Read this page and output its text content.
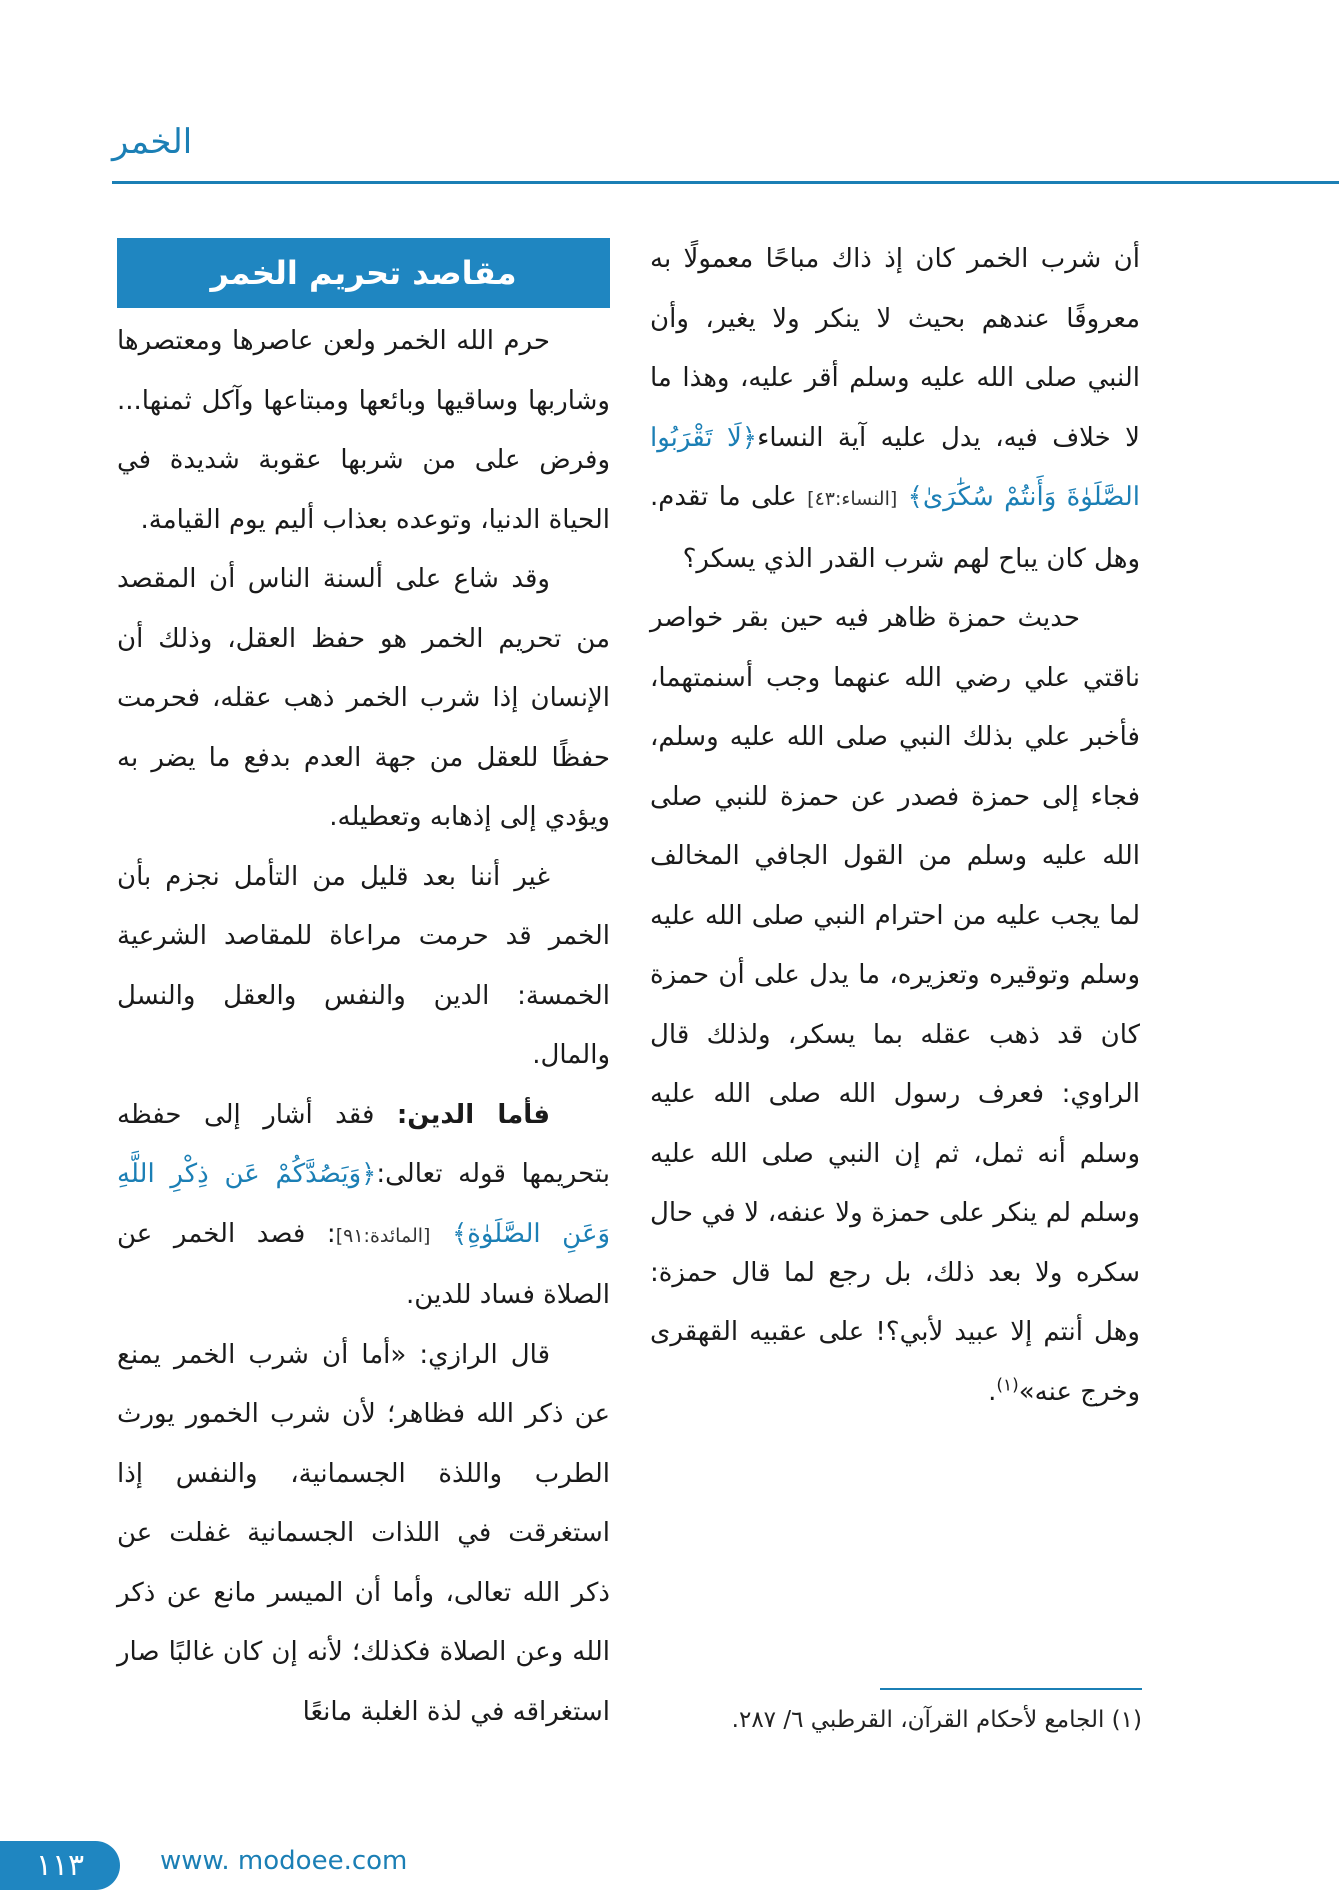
الخمر

أن شرب الخمر كان إذ ذاك مباحًا معمولًا به معروفًا عندهم بحيث لا ينكر ولا يغير، وأن النبي صلى الله عليه وسلم أقر عليه، وهذا ما لا خلاف فيه، يدل عليه آية النساء﴿لَا تَقْرَبُوا الصَّلَوٰةَ وَأَنتُمْ سُكَٰرَىٰ﴾ [النساء:٤٣] على ما تقدم. وهل كان يباح لهم شرب القدر الذي يسكر؟

حديث حمزة ظاهر فيه حين بقر خواصر ناقتي علي رضي الله عنهما وجب أسنمتهما، فأخبر علي بذلك النبي صلى الله عليه وسلم، فجاء إلى حمزة فصدر عن حمزة للنبي صلى الله عليه وسلم من القول الجافي المخالف لما يجب عليه من احترام النبي صلى الله عليه وسلم وتوقيره وتعزيره، ما يدل على أن حمزة كان قد ذهب عقله بما يسكر، ولذلك قال الراوي: فعرف رسول الله صلى الله عليه وسلم أنه ثمل، ثم إن النبي صلى الله عليه وسلم لم ينكر على حمزة ولا عنفه، لا في حال سكره ولا بعد ذلك، بل رجع لما قال حمزة: وهل أنتم إلا عبيد لأبي؟! على عقبيه القهقرى وخرج عنه»$^{(١)}$.

مقاصد تحريم الخمر

حرم الله الخمر ولعن عاصرها ومعتصرها وشاربها وساقيها وبائعها ومبتاعها وآكل ثمنها... وفرض على من شربها عقوبة شديدة في الحياة الدنيا، وتوعده بعذاب أليم يوم القيامة.

وقد شاع على ألسنة الناس أن المقصد من تحريم الخمر هو حفظ العقل، وذلك أن الإنسان إذا شرب الخمر ذهب عقله، فحرمت حفظًا للعقل من جهة العدم بدفع ما يضر به ويؤدي إلى إذهابه وتعطيله.

غير أننا بعد قليل من التأمل نجزم بأن الخمر قد حرمت مراعاة للمقاصد الشرعية الخمسة: الدين والنفس والعقل والنسل والمال.

فأما الدين: فقد أشار إلى حفظه بتحريمها قوله تعالى:﴿وَيَصُدَّكُمْ عَن ذِكْرِ اللَّهِ وَعَنِ الصَّلَوٰةِ﴾ [المائدة:٩١]: فصد الخمر عن الصلاة فساد للدين.

قال الرازي: «أما أن شرب الخمر يمنع عن ذكر الله فظاهر؛ لأن شرب الخمور يورث الطرب واللذة الجسمانية، والنفس إذا استغرقت في اللذات الجسمانية غفلت عن ذكر الله تعالى، وأما أن الميسر مانع عن ذكر الله وعن الصلاة فكذلك؛ لأنه إن كان غالبًا صار استغراقه في لذة الغلبة مانعًا	(١) الجامع لأحكام القرآن، القرطبي ٦/ ٢٨٧.
١١٣	www. modoee.com
